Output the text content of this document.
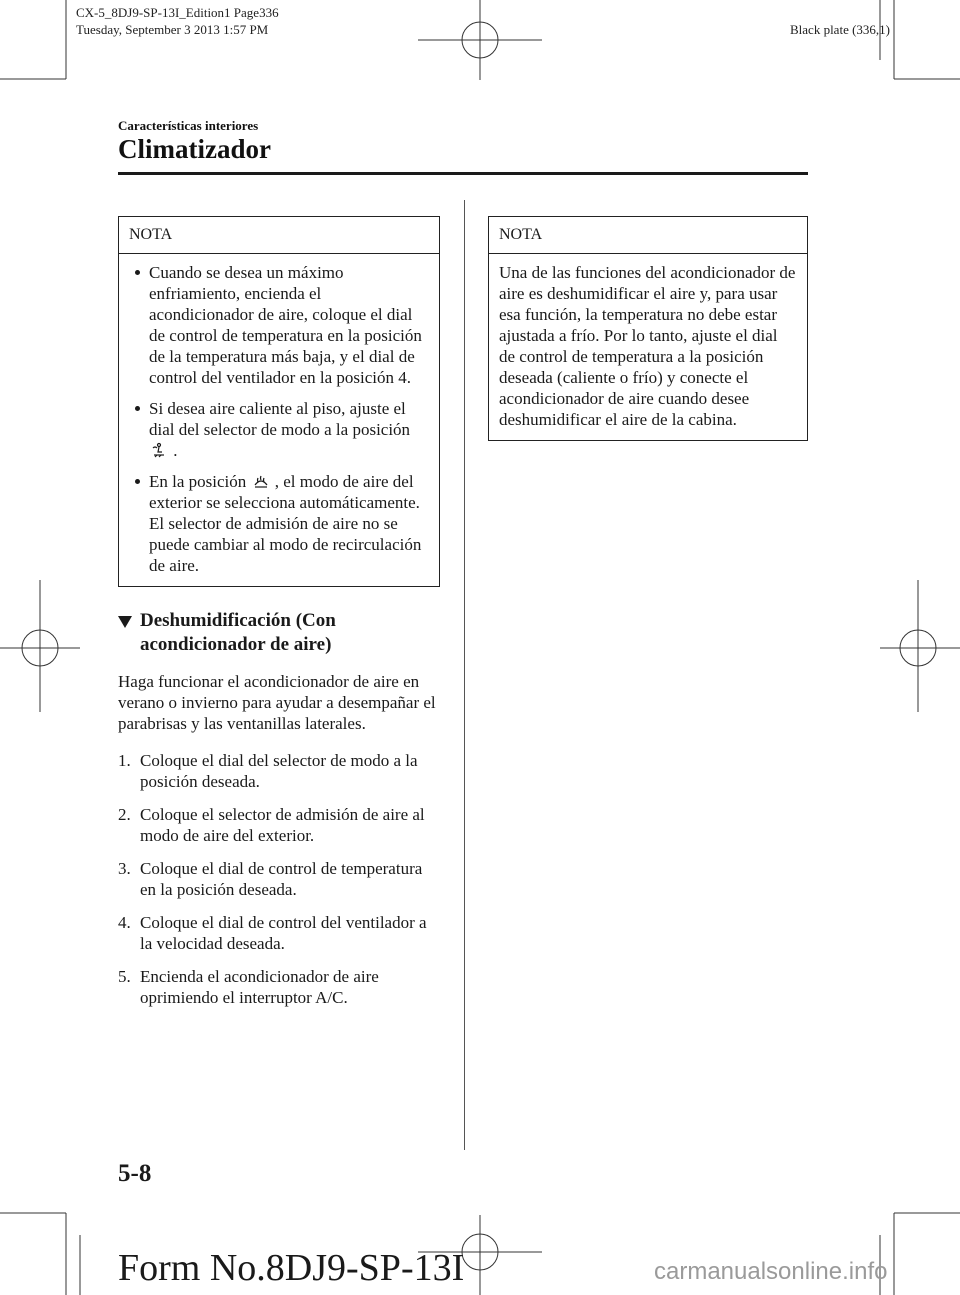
CX-5_8DJ9-SP-13I_Edition1 Page336
Tuesday, September 3 2013 1:57 PM	Black plate (336,1)
Características interiores
Climatizador
NOTA
Cuando se desea un máximo enfriamiento, encienda el acondicionador de aire, coloque el dial de control de temperatura en la posición de la temperatura más baja, y el dial de control del ventilador en la posición 4.
Si desea aire caliente al piso, ajuste el dial del selector de modo a la posición  .
En la posición , el modo de aire del exterior se selecciona automáticamente. El selector de admisión de aire no se puede cambiar al modo de recirculación de aire.
Deshumidificación (Con
acondicionador de aire)

Haga funcionar el acondicionador de aire en verano o invierno para ayudar a desempañar el parabrisas y las ventanillas laterales.

1. Coloque el dial del selector de modo a la posición deseada.
2. Coloque el selector de admisión de aire al modo de aire del exterior.
3. Coloque el dial de control de temperatura en la posición deseada.
4. Coloque el dial de control del ventilador a la velocidad deseada.
5. Encienda el acondicionador de aire oprimiendo el interruptor A/C.
NOTA
Una de las funciones del acondicionador de aire es deshumidificar el aire y, para usar esa función, la temperatura no debe estar ajustada a frío. Por lo tanto, ajuste el dial de control de temperatura a la posición deseada (caliente o frío) y conecte el acondicionador de aire cuando desee deshumidificar el aire de la cabina.
5-8
Form No.8DJ9-SP-13I	carmanualsonline.info
